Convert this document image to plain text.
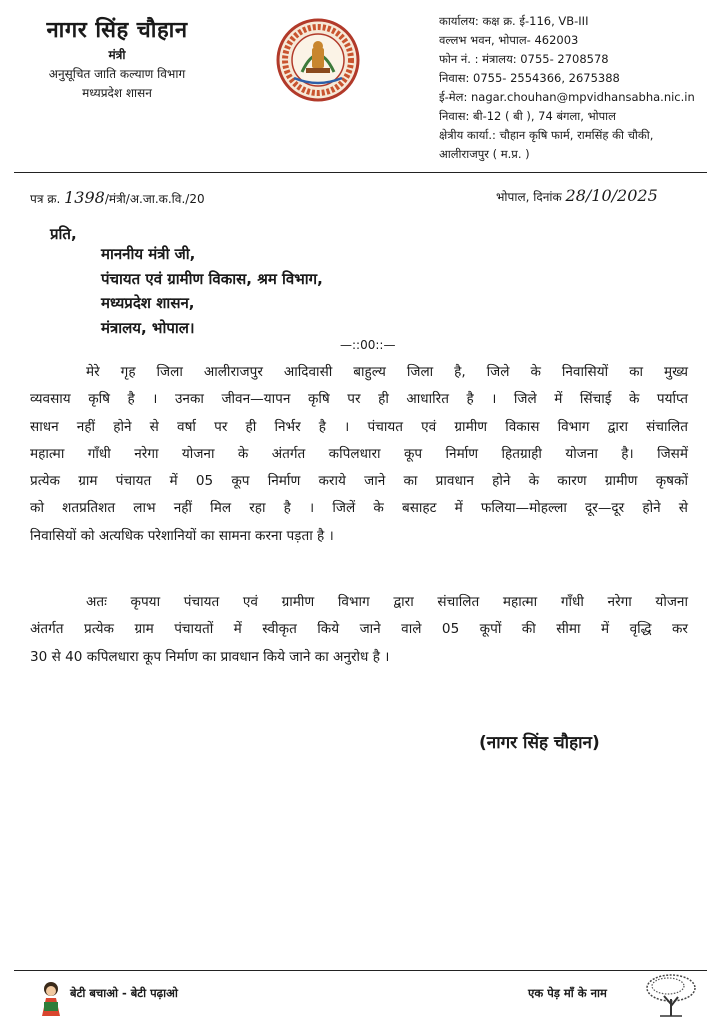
नागर सिंह चौहान
मंत्री
अनुसूचित जाति कल्याण विभाग
मध्यप्रदेश शासन
कार्यालय: कक्ष क्र. ई-116, VB-III
वल्लभ भवन, भोपाल- 462003
फोन नं. : मंत्रालय: 0755- 2708578
निवास: 0755- 2554366, 2675388
ई-मेल: nagar.chouhan@mpvidhansabha.nic.in
निवास: बी-12 ( बी ), 74 बंगला, भोपाल
क्षेत्रीय कार्या.: चौहान कृषि फार्म, रामसिंह की चौकी,
आलीराजपुर ( म.प्र. )
पत्र क्र. 1398/मंत्री/अ.जा.क.वि./20	भोपाल, दिनांक 28/10/2025
प्रति,
माननीय मंत्री जी,
पंचायत एवं ग्रामीण विकास, श्रम विभाग,
मध्यप्रदेश शासन,
मंत्रालय, भोपाल।
—::00::—
मेरे गृह जिला आलीराजपुर आदिवासी बाहुल्य जिला है, जिले के निवासियों का मुख्य
व्यवसाय कृषि है । उनका जीवन—यापन कृषि पर ही आधारित है । जिले में सिंचाई के पर्याप्त
साधन नहीं होने से वर्षा पर ही निर्भर है । पंचायत एवं ग्रामीण विकास विभाग द्वारा संचालित
महात्मा गाँधी नरेगा योजना के अंतर्गत कपिलधारा कूप निर्माण हितग्राही योजना है। जिसमें
प्रत्येक ग्राम पंचायत में 05 कूप निर्माण कराये जाने का प्रावधान होने के कारण ग्रामीण कृषकों
को शतप्रतिशत लाभ नहीं मिल रहा है । जिलें के बसाहट में फलिया—मोहल्ला दूर—दूर होने से
निवासियों को अत्यधिक परेशानियों का सामना करना पड़ता है ।
अतः कृपया पंचायत एवं ग्रामीण विभाग द्वारा संचालित महात्मा गाँधी नरेगा योजना
अंतर्गत प्रत्येक ग्राम पंचायतों में स्वीकृत किये जाने वाले 05 कूपों की सीमा में वृद्धि कर
30 से 40 कपिलधारा कूप निर्माण का प्रावधान किये जाने का अनुरोध है ।
(नागर सिंह चौहान)
बेटी बचाओ - बेटी पढ़ाओ	एक पेड़ माँ के नाम
